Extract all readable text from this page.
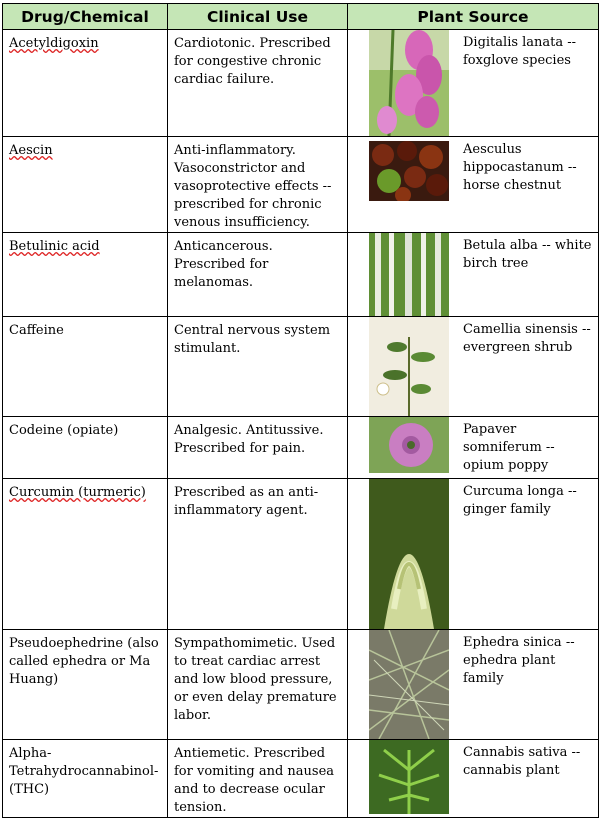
Drug/Chemical	Clinical Use	Plant Source
Acetyldigoxin	Cardiotonic. Prescribed for congestive chronic cardiac failure.	Digitalis lanata -- foxglove species

Aescin	Anti-inflammatory. Vasoconstrictor and vasoprotective effects -- prescribed for chronic venous insufficiency.	Aesculus hippocastanum -- horse chestnut

Betulinic acid	Anticancerous. Prescribed for melanomas.	Betula alba -- white birch tree

Caffeine	Central nervous system stimulant.	Camellia sinensis -- evergreen shrub

Codeine (opiate)	Analgesic. Antitussive. Prescribed for pain.	Papaver somniferum -- opium poppy

Curcumin (turmeric)	Prescribed as an anti-inflammatory agent.	Curcuma longa -- ginger family

Pseudoephedrine (also called ephedra or Ma Huang)	Sympathomimetic. Used to treat cardiac arrest and low blood pressure, or even delay premature labor.	Ephedra sinica -- ephedra plant family

Alpha-Tetrahydrocannabinol- (THC)	Antiemetic. Prescribed for vomiting and nausea and to decrease ocular tension.	Cannabis sativa -- cannabis plant
